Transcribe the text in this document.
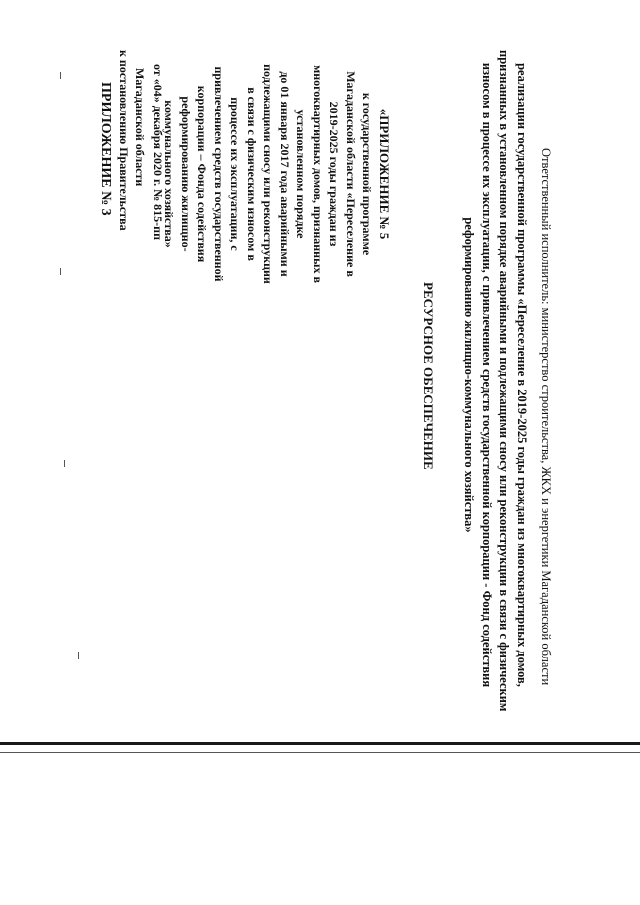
ПРИЛОЖЕНИЕ № 3 к постановлению Правительства Магаданской области от «04» декабря 2020 г. № 815-пп	«ПРИЛОЖЕНИЕ № 5
к государственной программе
Магаданской области «Переселение в
2019-2025 годы граждан из
многоквартирных домов, признанных в
установленном порядке
до 01 января 2017 года аварийными и
подлежащими сносу или реконструкции
в связи с физическим износом в
процессе их эксплуатации, с
привлечением средств государственной
корпорации – Фонда содействия
реформированию жилищно-
коммунального хозяйства»
РЕСУРСНОЕ ОБЕСПЕЧЕНИЕ	реализации государственной программы «Переселение в 2019-2025 годы граждан из многоквартирных домов,
признанных в установленном порядке аварийными и подлежащими сносу или реконструкции в связи с физическим
износом в процессе их эксплуатации, с привлечением средств государственной корпорации - Фонд содействия
реформированию жилищно-коммунального хозяйства»	Ответственный исполнитель: министерство строительства, ЖКХ и энергетики Магаданской области
